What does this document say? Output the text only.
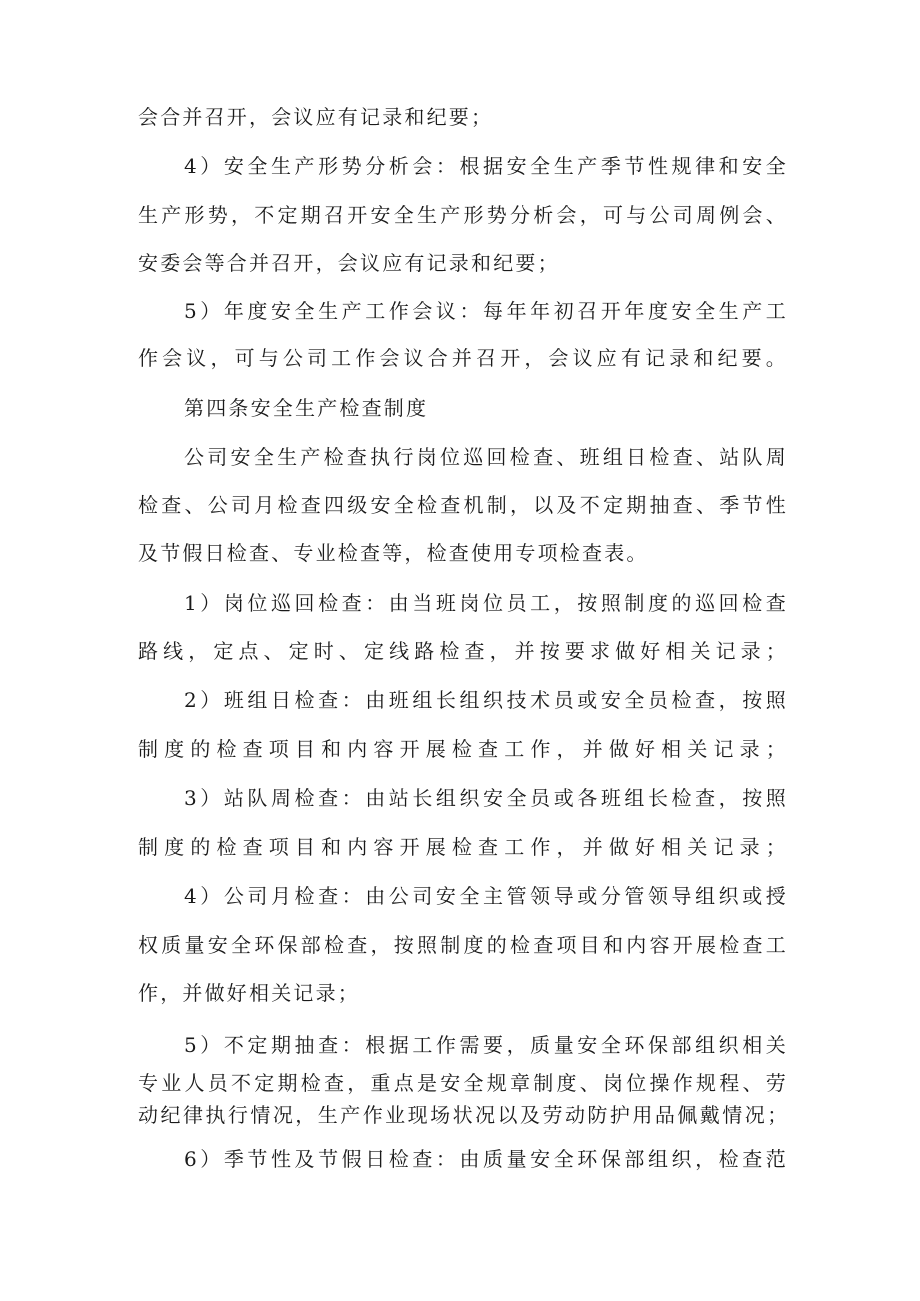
会合并召开，会议应有记录和纪要；
4）安全生产形势分析会：根据安全生产季节性规律和安全
生产形势，不定期召开安全生产形势分析会，可与公司周例会、
安委会等合并召开，会议应有记录和纪要；
5）年度安全生产工作会议：每年年初召开年度安全生产工
作会议，可与公司工作会议合并召开，会议应有记录和纪要。
第四条安全生产检查制度
公司安全生产检查执行岗位巡回检查、班组日检查、站队周
检查、公司月检查四级安全检查机制，以及不定期抽查、季节性
及节假日检查、专业检查等，检查使用专项检查表。
1）岗位巡回检查：由当班岗位员工，按照制度的巡回检查
路线，定点、定时、定线路检查，并按要求做好相关记录；
2）班组日检查：由班组长组织技术员或安全员检查，按照
制度的检查项目和内容开展检查工作，并做好相关记录；
3）站队周检查：由站长组织安全员或各班组长检查，按照
制度的检查项目和内容开展检查工作，并做好相关记录；
4）公司月检查：由公司安全主管领导或分管领导组织或授
权质量安全环保部检查，按照制度的检查项目和内容开展检查工
作，并做好相关记录；
5）不定期抽查：根据工作需要，质量安全环保部组织相关
专业人员不定期检查，重点是安全规章制度、岗位操作规程、劳
动纪律执行情况，生产作业现场状况以及劳动防护用品佩戴情况；
6）季节性及节假日检查：由质量安全环保部组织，检查范
